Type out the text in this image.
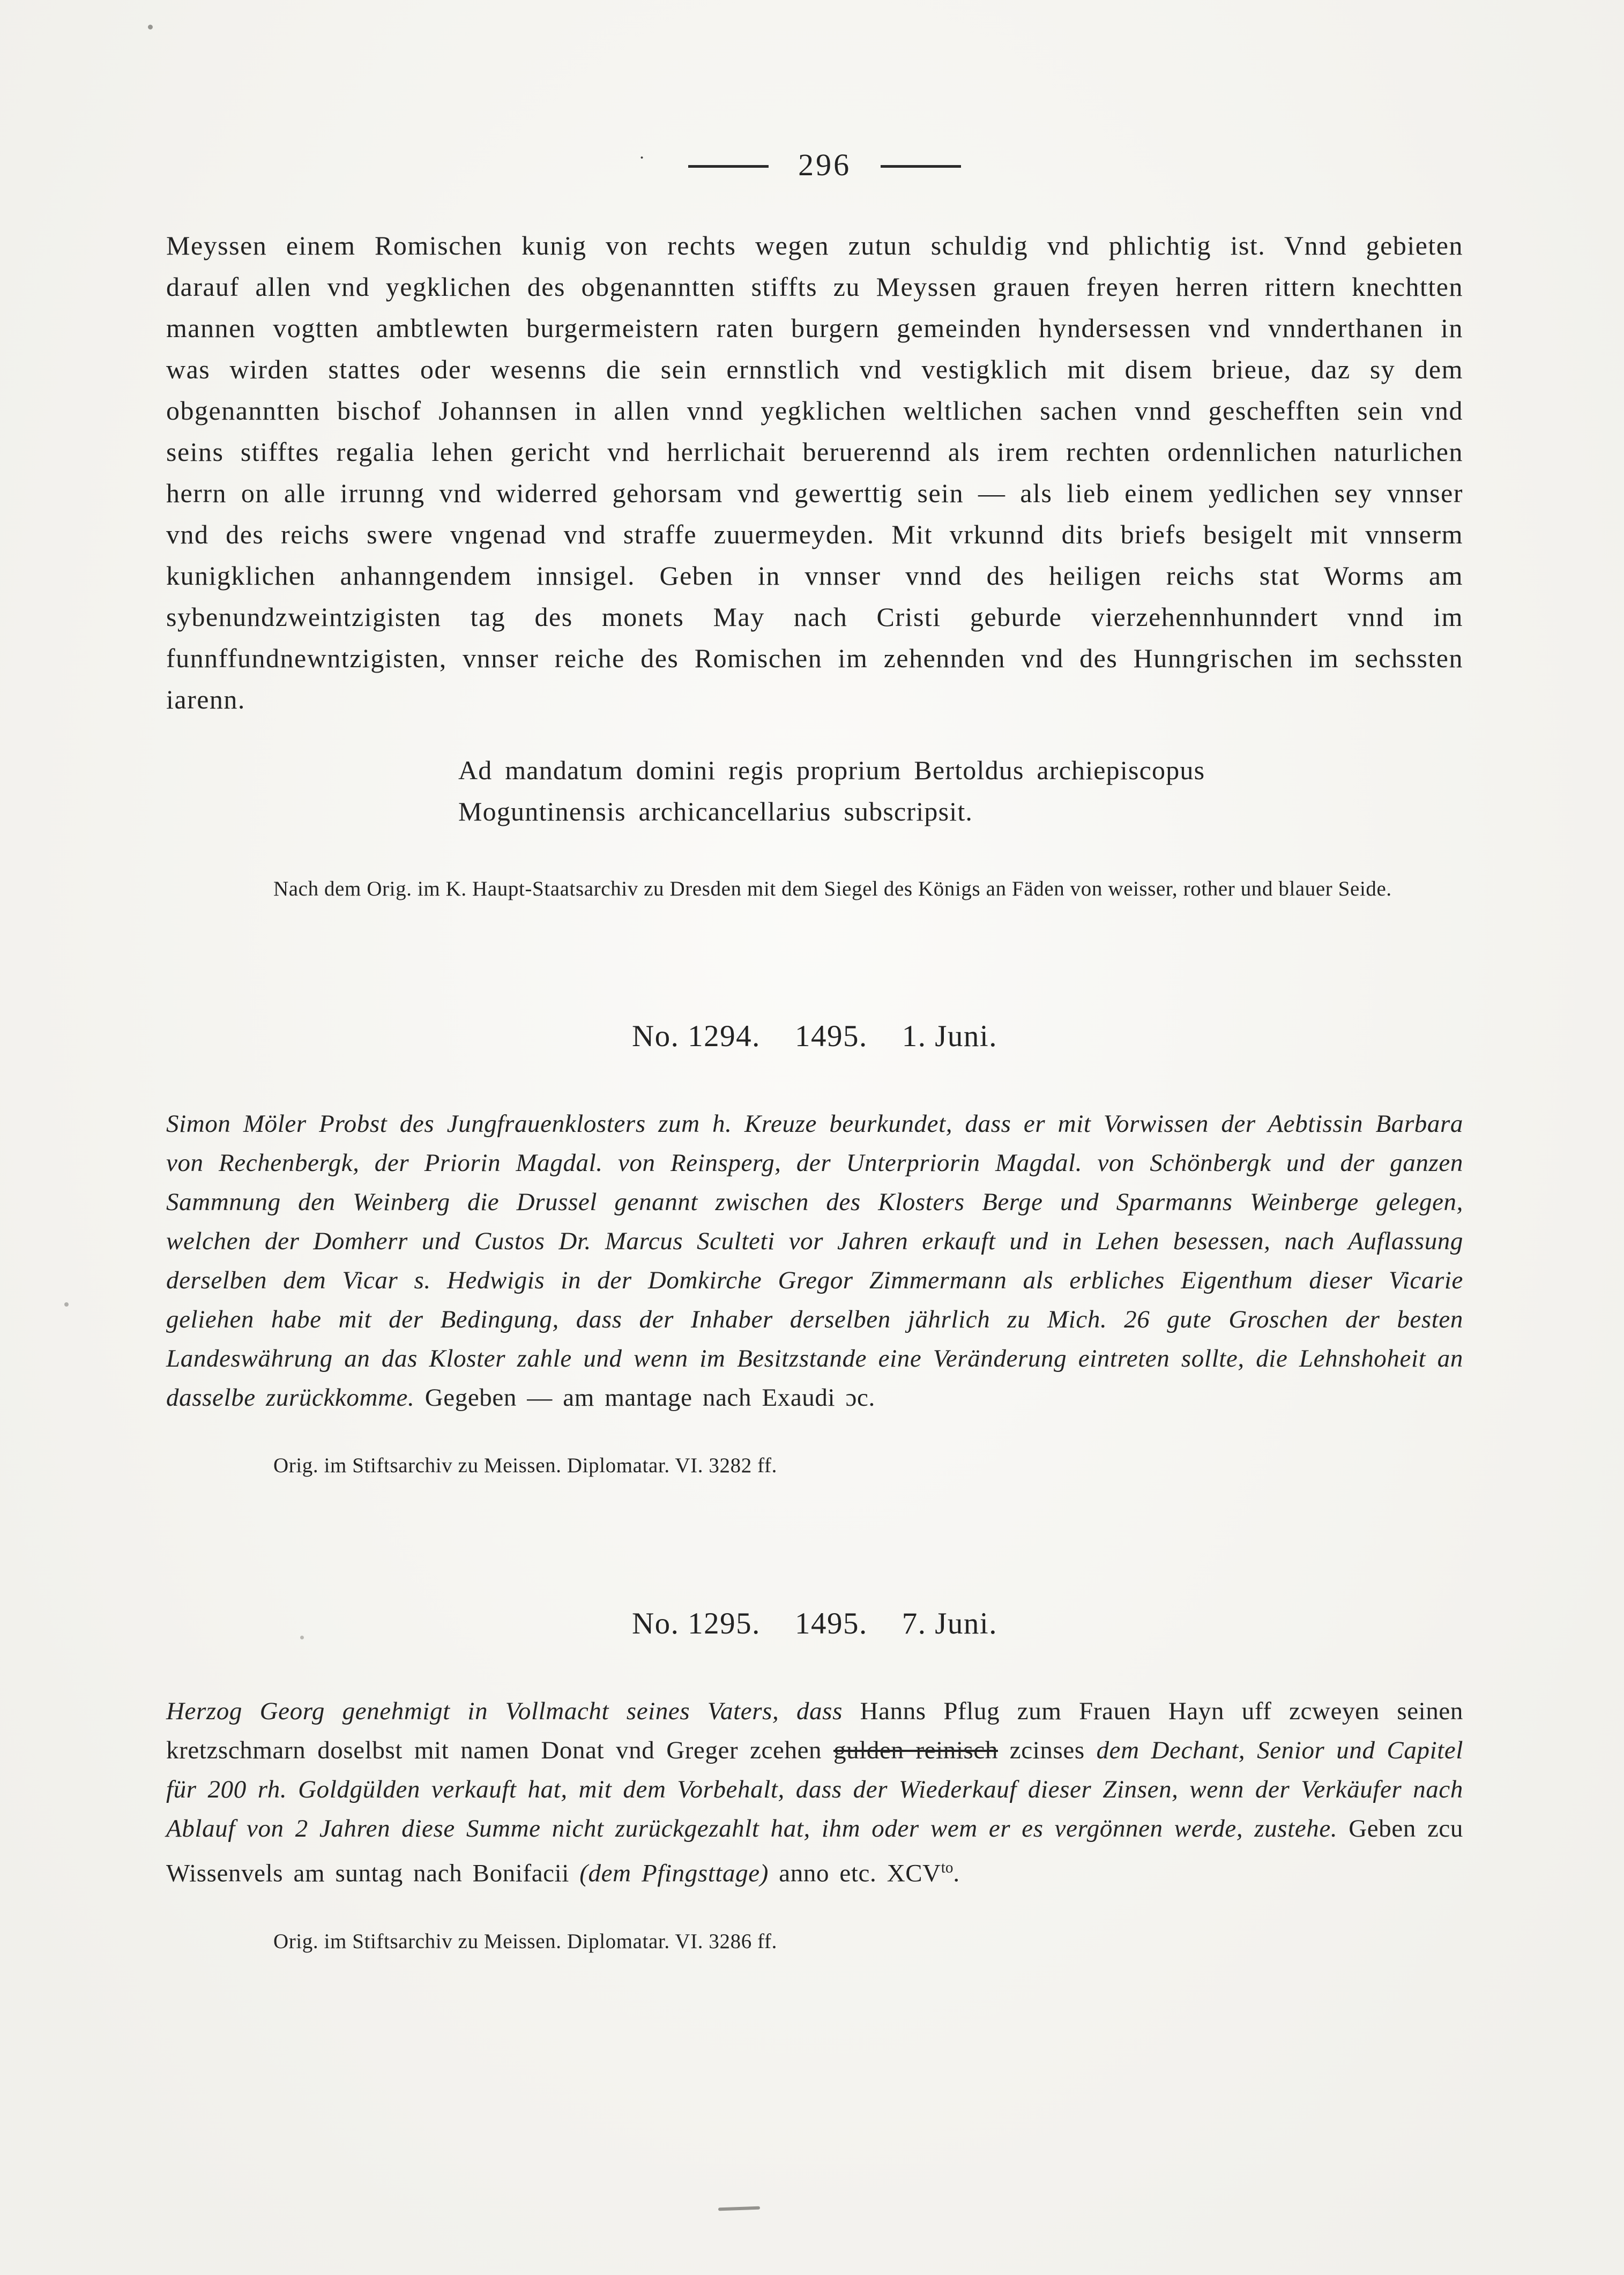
·	296

Meyssen einem Romischen kunig von rechts wegen zutun schuldig vnd phlichtig ist. Vnnd gebieten darauf allen vnd yegklichen des obgenanntten stiffts zu Meyssen grauen freyen herren rittern knechtten mannen vogtten ambtlewten burgermeistern raten burgern gemeinden hyndersessen vnd vnnderthanen in was wirden stattes oder wesenns die sein ernnstlich vnd vestigklich mit disem brieue, daz sy dem obgenanntten bischof Johannsen in allen vnnd yegklichen weltlichen sachen vnnd geschefften sein vnd seins stifftes regalia lehen gericht vnd herrlichait beruerennd als irem rechten ordennlichen naturlichen herrn on alle irrunng vnd widerred gehorsam vnd gewerttig sein — als lieb einem yedlichen sey vnnser vnd des reichs swere vngenad vnd straffe zuuermeyden. Mit vrkunnd dits briefs besigelt mit vnnserm kunigklichen anhanngendem innsigel. Geben in vnnser vnnd des heiligen reichs stat Worms am sybenundzweintzigisten tag des monets May nach Cristi geburde vierzehennhunndert vnnd im funnffundnewntzigisten, vnnser reiche des Romischen im zehennden vnd des Hunngrischen im sechssten iarenn.

Ad mandatum domini regis proprium Bertoldus archiepiscopus
Moguntinensis archicancellarius subscripsit.

Nach dem Orig. im K. Haupt-Staatsarchiv zu Dresden mit dem Siegel des Königs an Fäden von weisser, rother und blauer Seide.

No. 1294. 1495. 1. Juni.

Simon Möler Probst des Jungfrauenklosters zum h. Kreuze beurkundet, dass er mit Vorwissen der Aebtissin Barbara von Rechenbergk, der Priorin Magdal. von Reinsperg, der Unterpriorin Magdal. von Schönbergk und der ganzen Sammnung den Weinberg die Drussel genannt zwischen des Klosters Berge und Sparmanns Weinberge gelegen, welchen der Domherr und Custos Dr. Marcus Sculteti vor Jahren erkauft und in Lehen besessen, nach Auflassung derselben dem Vicar s. Hedwigis in der Domkirche Gregor Zimmermann als erbliches Eigenthum dieser Vicarie geliehen habe mit der Bedingung, dass der Inhaber derselben jährlich zu Mich. 26 gute Groschen der besten Landeswährung an das Kloster zahle und wenn im Besitzstande eine Veränderung eintreten sollte, die Lehnshoheit an dasselbe zurückkomme. Gegeben — am mantage nach Exaudi ɔc.

Orig. im Stiftsarchiv zu Meissen. Diplomatar. VI. 3282 ff.

No. 1295. 1495. 7. Juni.

Herzog Georg genehmigt in Vollmacht seines Vaters, dass Hanns Pflug zum Frauen Hayn uff zcweyen seinen kretzschmarn doselbst mit namen Donat vnd Greger zcehen gulden reinisch zcinses dem Dechant, Senior und Capitel für 200 rh. Goldgülden verkauft hat, mit dem Vorbehalt, dass der Wiederkauf dieser Zinsen, wenn der Verkäufer nach Ablauf von 2 Jahren diese Summe nicht zurückgezahlt hat, ihm oder wem er es vergönnen werde, zustehe. Geben zcu Wissenvels am suntag nach Bonifacii (dem Pfingsttage) anno etc. $XCV^{to}$.

Orig. im Stiftsarchiv zu Meissen. Diplomatar. VI. 3286 ff.
